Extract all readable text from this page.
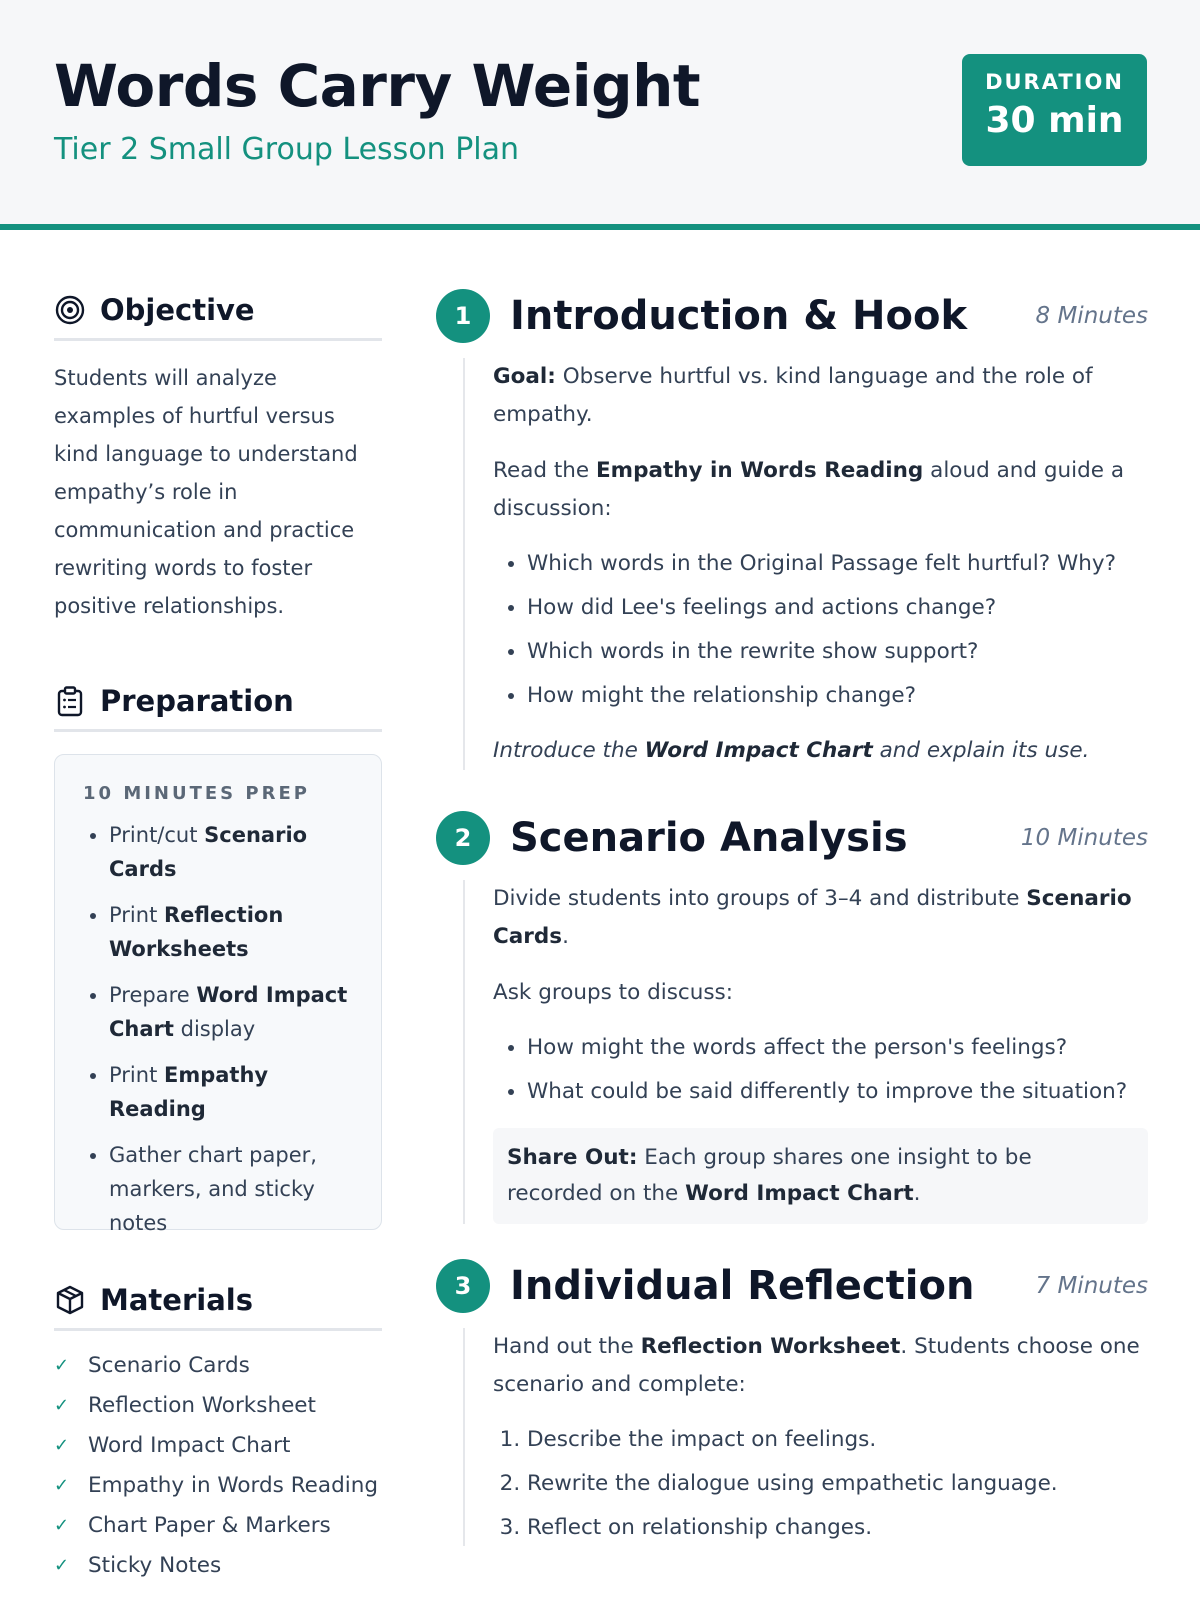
Words Carry Weight
Tier 2 Small Group Lesson Plan
DURATION
30 min
Objective
Students will analyze examples of hurtful versus kind language to understand empathy’s role in communication and practice rewriting words to foster positive relationships.
Preparation
10 MINUTES PREP
• Print/cut Scenario Cards
• Print Reflection Worksheets
• Prepare Word Impact Chart display
• Print Empathy Reading
• Gather chart paper, markers, and sticky notes
Materials
✓ Scenario Cards
✓ Reflection Worksheet
✓ Word Impact Chart
✓ Empathy in Words Reading
✓ Chart Paper & Markers
✓ Sticky Notes
1 Introduction & Hook	8 Minutes

Goal: Observe hurtful vs. kind language and the role of empathy.

Read the Empathy in Words Reading aloud and guide a discussion:

• Which words in the Original Passage felt hurtful? Why?
• How did Lee's feelings and actions change?
• Which words in the rewrite show support?
• How might the relationship change?

Introduce the Word Impact Chart and explain its use.

2 Scenario Analysis	10 Minutes

Divide students into groups of 3–4 and distribute Scenario Cards.

Ask groups to discuss:

• How might the words affect the person's feelings?
• What could be said differently to improve the situation?

Share Out: Each group shares one insight to be recorded on the Word Impact Chart.

3 Individual Reflection	7 Minutes

Hand out the Reflection Worksheet. Students choose one scenario and complete:

1. Describe the impact on feelings.
2. Rewrite the dialogue using empathetic language.
3. Reflect on relationship changes.
